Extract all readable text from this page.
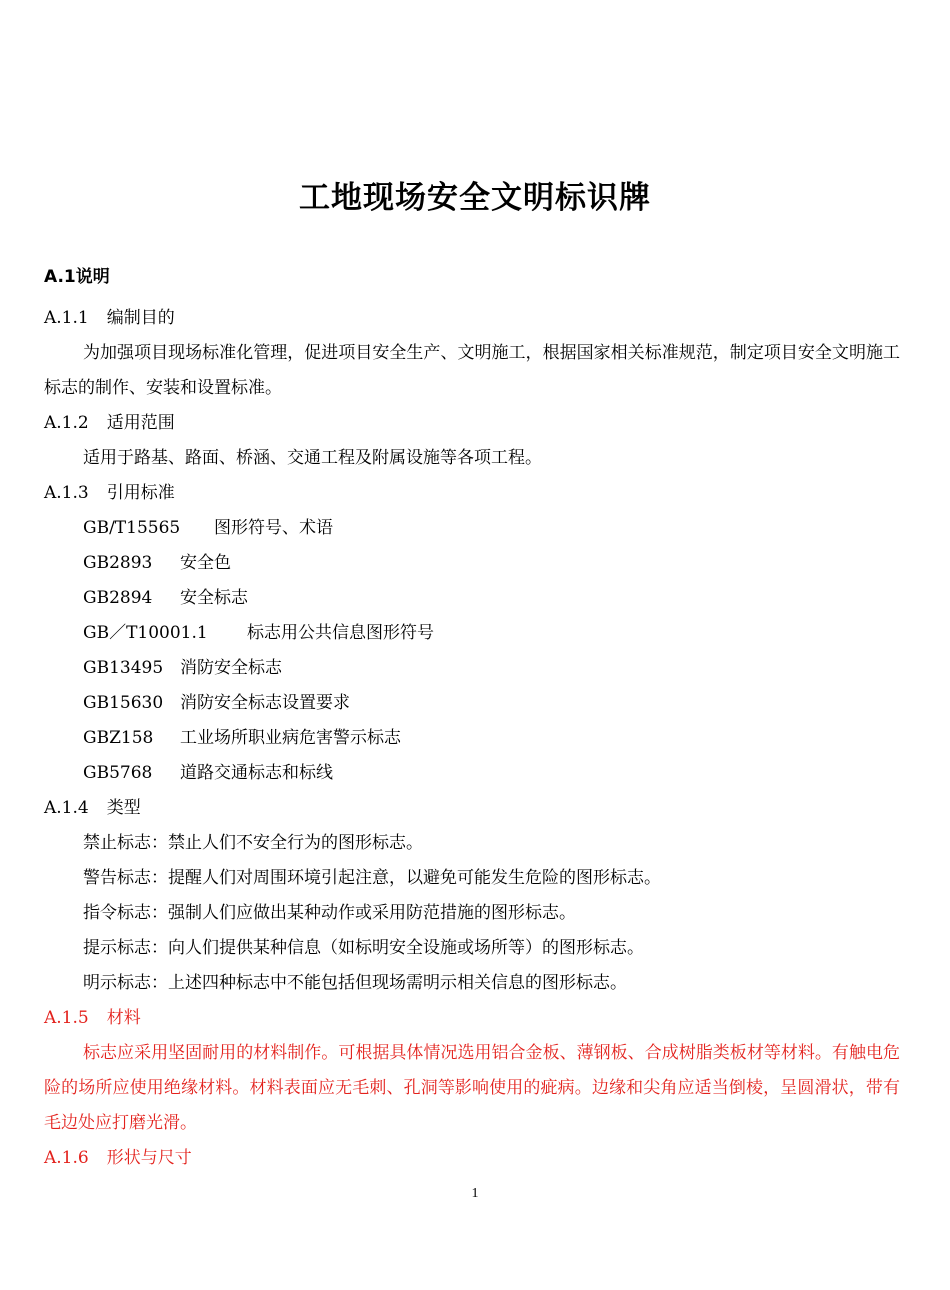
工地现场安全文明标识牌
A.1说明
A.1.1 编制目的

为加强项目现场标准化管理，促进项目安全生产、文明施工，根据国家相关标准规范，制定项目安全文明施工标志的制作、安装和设置标准。

A.1.2 适用范围
适用于路基、路面、桥涵、交通工程及附属设施等各项工程。
A.1.3 引用标准
GB/T15565 图形符号、术语
GB2893 安全色
GB2894 安全标志
GB／T10001.1 标志用公共信息图形符号
GB13495 消防安全标志
GB15630 消防安全标志设置要求
GBZ158 工业场所职业病危害警示标志
GB5768 道路交通标志和标线
A.1.4 类型
禁止标志：禁止人们不安全行为的图形标志。
警告标志：提醒人们对周围环境引起注意，以避免可能发生危险的图形标志。
指令标志：强制人们应做出某种动作或采用防范措施的图形标志。
提示标志：向人们提供某种信息（如标明安全设施或场所等）的图形标志。
明示标志：上述四种标志中不能包括但现场需明示相关信息的图形标志。
A.1.5 材料

标志应采用坚固耐用的材料制作。可根据具体情况选用铝合金板、薄钢板、合成树脂类板材等材料。有触电危险的场所应使用绝缘材料。材料表面应无毛刺、孔洞等影响使用的疵病。边缘和尖角应适当倒棱，呈圆滑状，带有毛边处应打磨光滑。

A.1.6 形状与尺寸
1
